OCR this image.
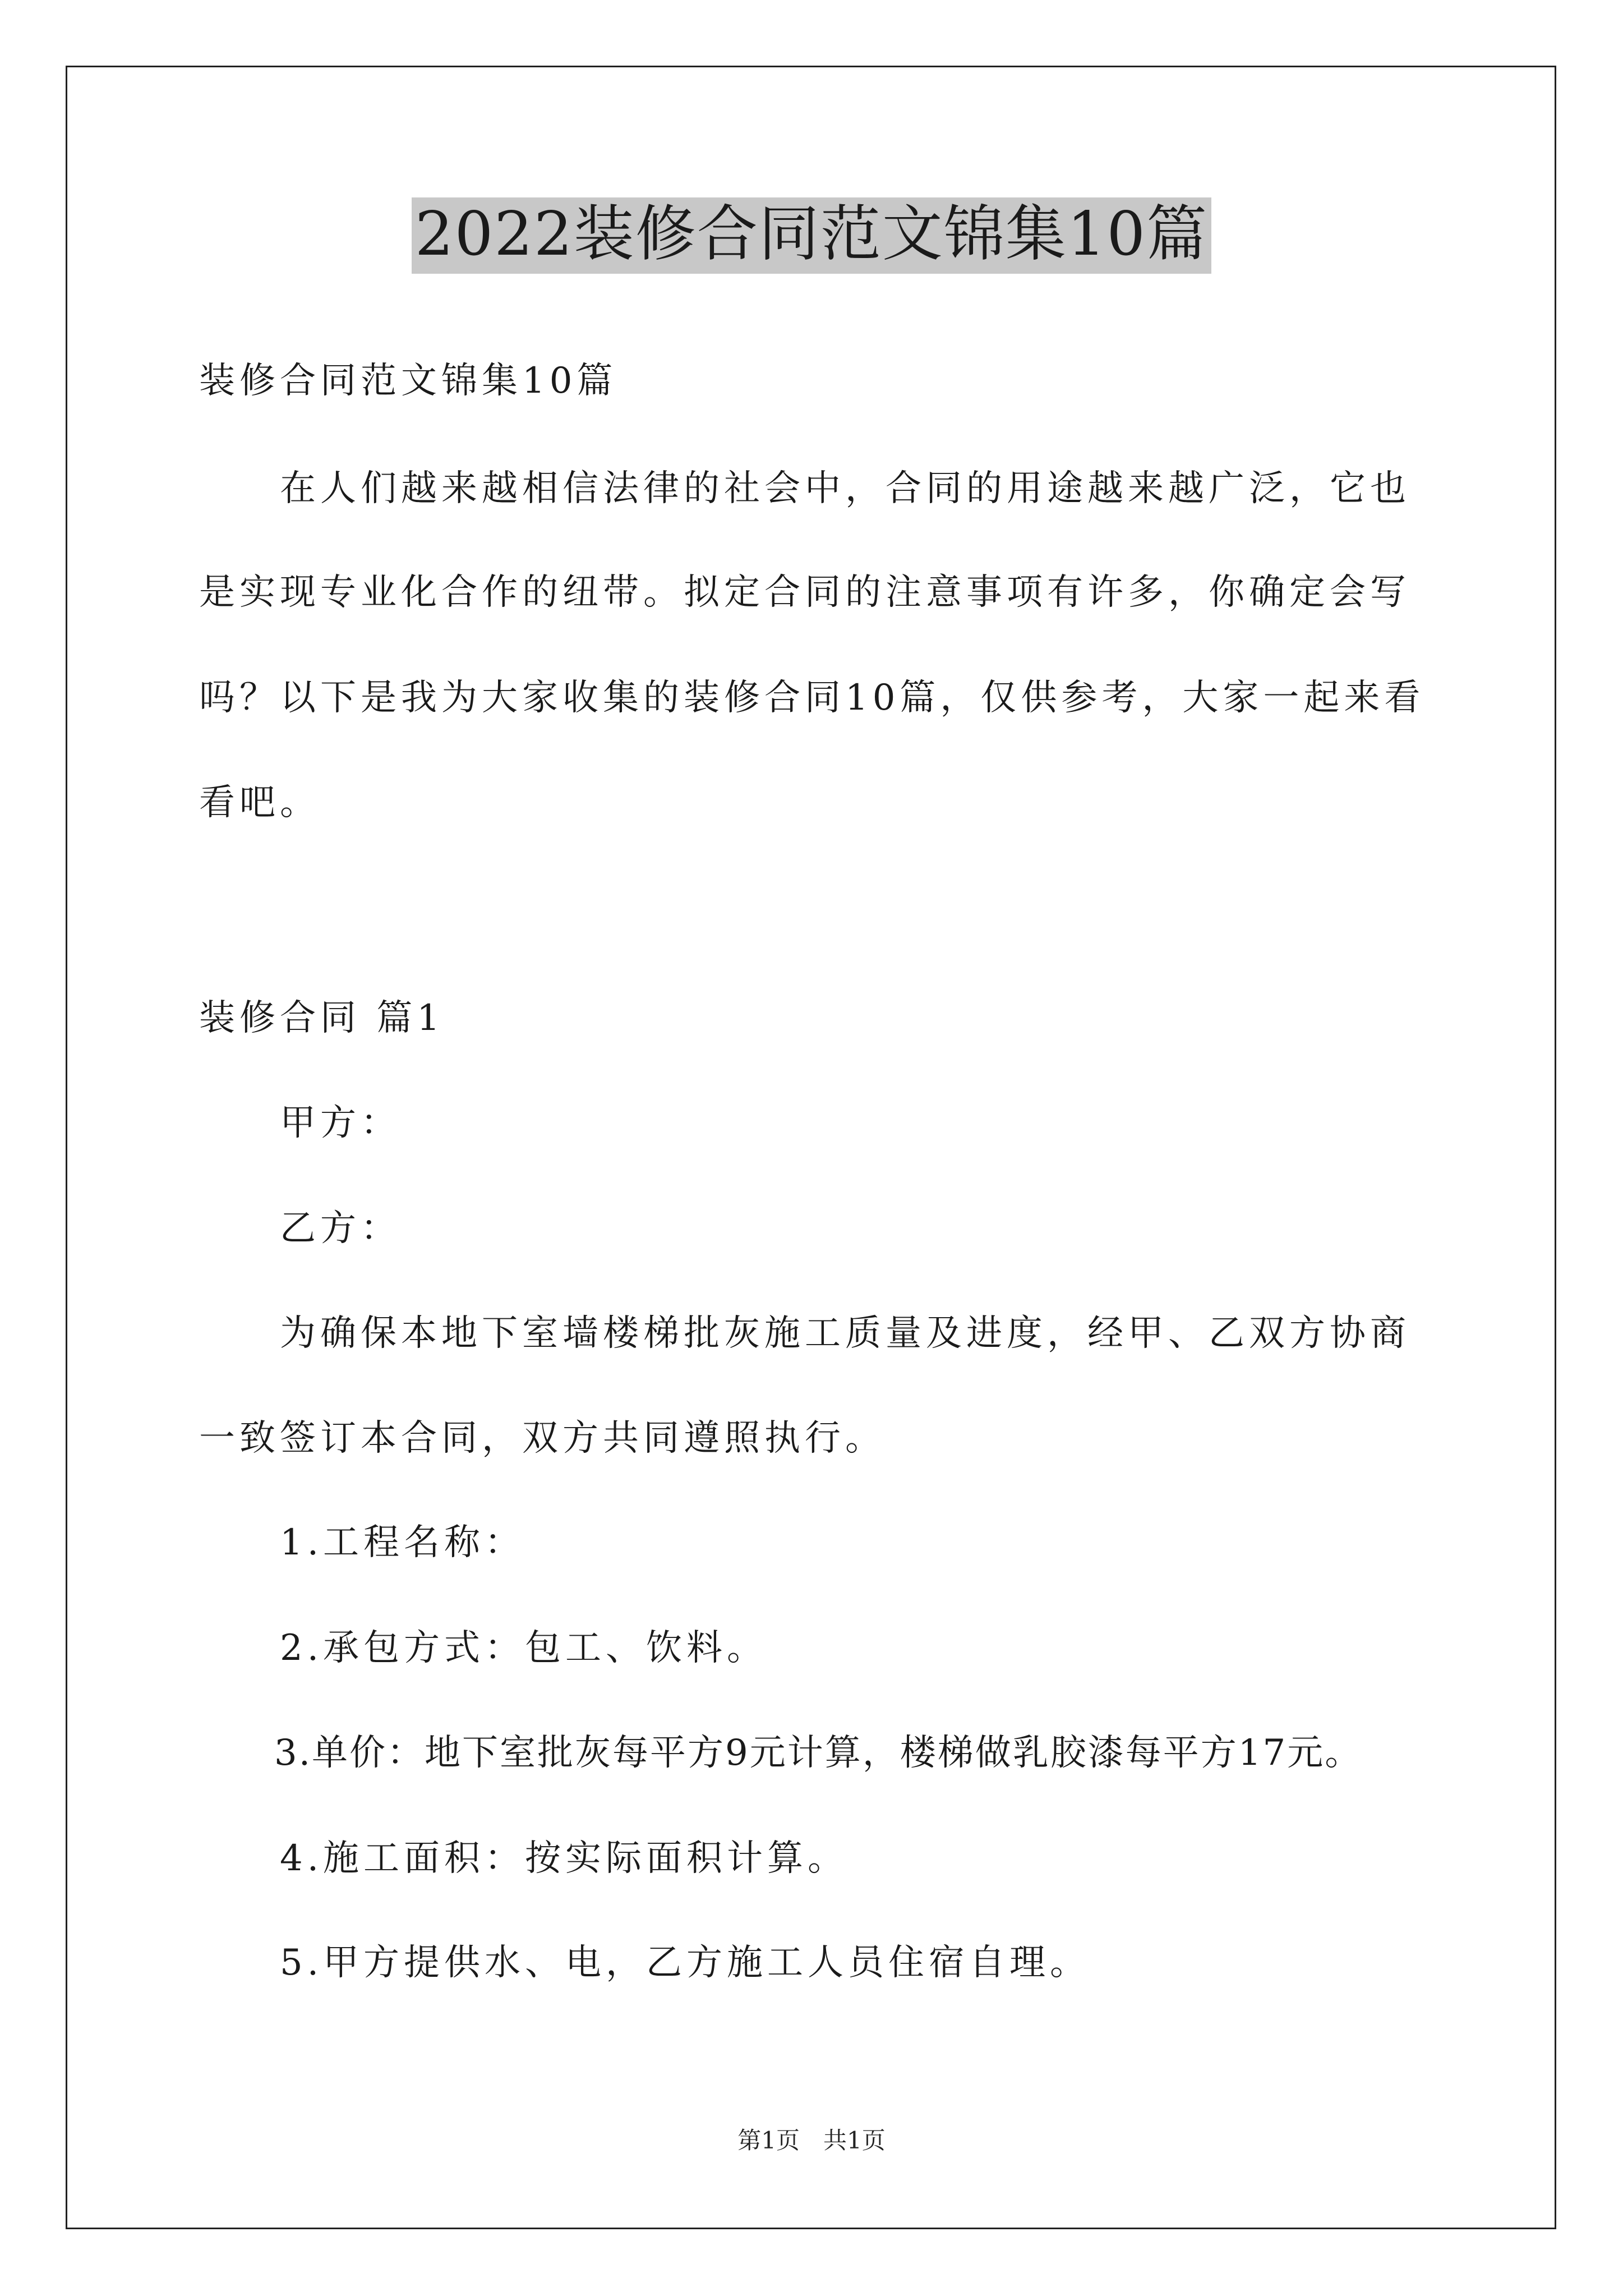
2022装修合同范文锦集10篇

装修合同范文锦集10篇

　　在人们越来越相信法律的社会中，合同的用途越来越广泛，它也

是实现专业化合作的纽带。拟定合同的注意事项有许多，你确定会写

吗？以下是我为大家收集的装修合同10篇，仅供参考，大家一起来看

看吧。

装修合同 篇1

　　甲方：

　　乙方：

　　为确保本地下室墙楼梯批灰施工质量及进度，经甲、乙双方协商

一致签订本合同，双方共同遵照执行。

　　1.工程名称：

　　2.承包方式：包工、饮料。

　　3.单价：地下室批灰每平方9元计算，楼梯做乳胶漆每平方17元。

　　4.施工面积：按实际面积计算。

　　5.甲方提供水、电，乙方施工人员住宿自理。

第1页　共1页
